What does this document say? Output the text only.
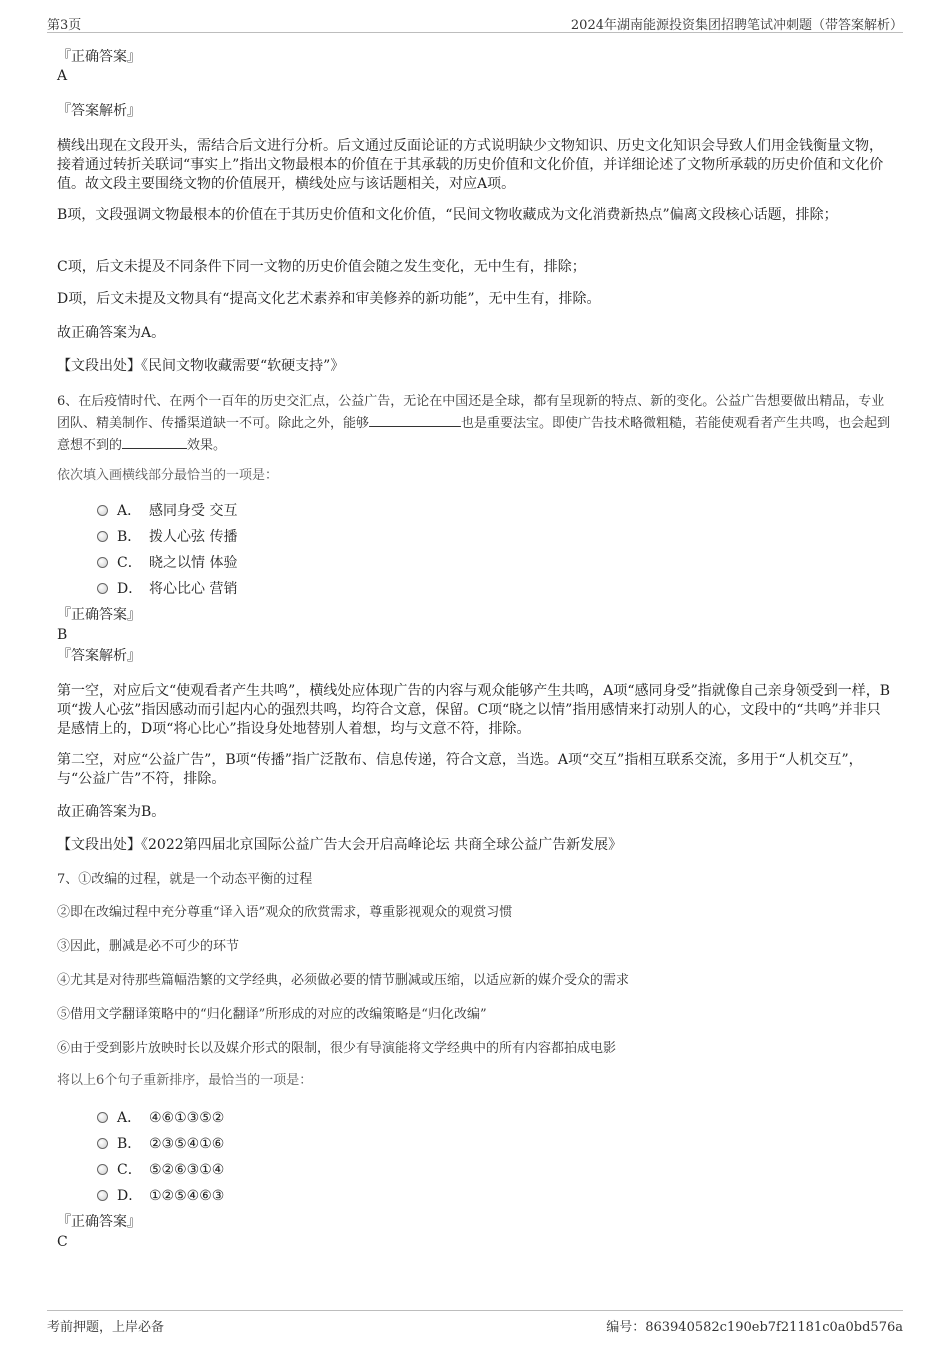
第3页	2024年湖南能源投资集团招聘笔试冲刺题（带答案解析）
『正确答案』
A
『答案解析』
横线出现在文段开头，需结合后文进行分析。后文通过反面论证的方式说明缺少文物知识、历史文化知识会导致人们用金钱衡量文物，接着通过转折关联词“事实上”指出文物最根本的价值在于其承载的历史价值和文化价值，并详细论述了文物所承载的历史价值和文化价值。故文段主要围绕文物的价值展开，横线处应与该话题相关，对应A项。
B项，文段强调文物最根本的价值在于其历史价值和文化价值，“民间文物收藏成为文化消费新热点”偏离文段核心话题，排除；
C项，后文未提及不同条件下同一文物的历史价值会随之发生变化，无中生有，排除；
D项，后文未提及文物具有“提高文化艺术素养和审美修养的新功能”，无中生有，排除。
故正确答案为A。
【文段出处】《民间文物收藏需要“软硬支持”》
6、在后疫情时代、在两个一百年的历史交汇点，公益广告，无论在中国还是全球，都有呈现新的特点、新的变化。公益广告想要做出精品，专业团队、精美制作、传播渠道缺一不可。除此之外，能够	也是重要法宝。即使广告技术略微粗糙，若能使观看者产生共鸣，也会起到意想不到的	效果。
依次填入画横线部分最恰当的一项是：
A． 感同身受 交互
B． 拨人心弦 传播
C． 晓之以情 体验
D． 将心比心 营销
『正确答案』
B
『答案解析』
第一空，对应后文“使观看者产生共鸣”，横线处应体现广告的内容与观众能够产生共鸣，A项“感同身受”指就像自己亲身领受到一样，B项“拨人心弦”指因感动而引起内心的强烈共鸣，均符合文意，保留。C项“晓之以情”指用感情来打动别人的心，文段中的“共鸣”并非只是感情上的，D项“将心比心”指设身处地替别人着想，均与文意不符，排除。
第二空，对应“公益广告”，B项“传播”指广泛散布、信息传递，符合文意，当选。A项“交互”指相互联系交流，多用于“人机交互”，与“公益广告”不符，排除。
故正确答案为B。
【文段出处】《2022第四届北京国际公益广告大会开启高峰论坛 共商全球公益广告新发展》
7、①改编的过程，就是一个动态平衡的过程
②即在改编过程中充分尊重“译入语”观众的欣赏需求，尊重影视观众的观赏习惯
③因此，删减是必不可少的环节
④尤其是对待那些篇幅浩繁的文学经典，必须做必要的情节删减或压缩，以适应新的媒介受众的需求
⑤借用文学翻译策略中的“归化翻译”所形成的对应的改编策略是“归化改编”
⑥由于受到影片放映时长以及媒介形式的限制，很少有导演能将文学经典中的所有内容都拍成电影
将以上6个句子重新排序，最恰当的一项是：
A． ④⑥①③⑤②
B． ②③⑤④①⑥
C． ⑤②⑥③①④
D． ①②⑤④⑥③
『正确答案』
C
考前押题，上岸必备	编号：863940582c190eb7f21181c0a0bd576a
